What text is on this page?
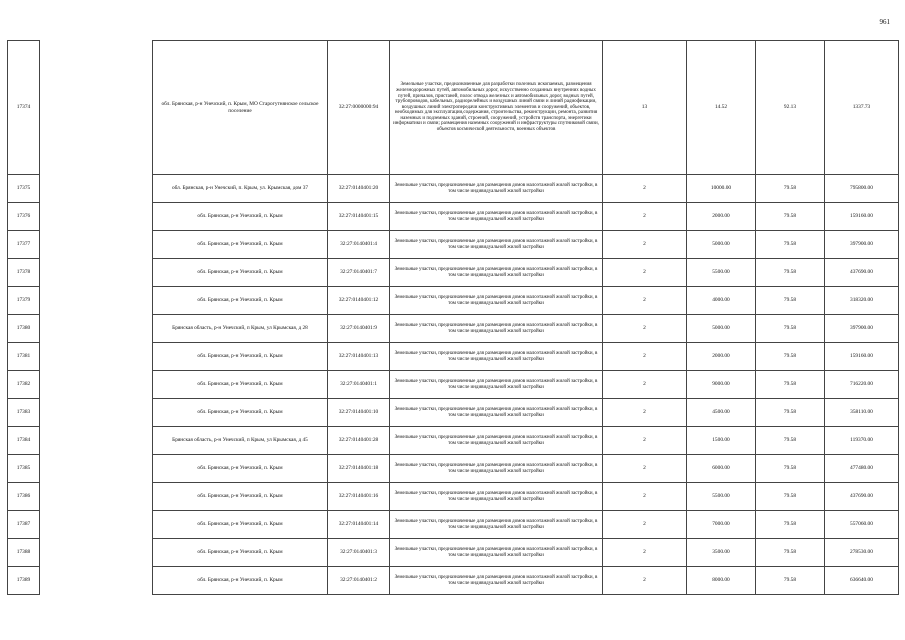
961
17374		обл. Брянская, р-н Унечский, п. Крым, МО Старогутнянское сельское поселение	32:27:0000000:94	Земельные участки, предназначенные для разработки полезных ископаемых, размещения железнодорожных путей, автомобильных дорог, искусственно созданных внутренних водных путей, причалов, пристаней, полос отвода железных и автомобильных дорог, водных путей, трубопроводов, кабельных, радиорелейных и воздушных линий связи и линий радиофикации, воздушных линий электропередачи конструктивных элементов и сооружений, объектов, необходимых для эксплуатации,содержания, строительства, реконструкции, ремонта, развития наземных и подземных зданий, строений, сооружений, устройств транспорта, энергетики информатики и связи; размещения наземных сооружений и инфраструктуры спутниковой связи, объектов космической деятельности, военных объектов	13	14.52	92.13	1337.73
17375		обл. Брянская, р-н Унечский, п. Крым, ул. Крымская, дом 37	32:27:0140401:20	Земельные участки, предназначенные для размещения домов малоэтажной жилой застройки, в том числе индивидуальной жилой застройки	2	10000.00	79.58	795800.00
17376		обл. Брянская, р-н Унечский, п. Крым	32:27:0140401:15	Земельные участки, предназначенные для размещения домов малоэтажной жилой застройки, в том числе индивидуальной жилой застройки	2	2000.00	79.58	159160.00
17377		обл. Брянская, р-н Унечский, п. Крым	32:27:0140401:4	Земельные участки, предназначенные для размещения домов малоэтажной жилой застройки, в том числе индивидуальной жилой застройки	2	5000.00	79.58	397900.00
17378		обл. Брянская, р-н Унечский, п. Крым	32:27:0140401:7	Земельные участки, предназначенные для размещения домов малоэтажной жилой застройки, в том числе индивидуальной жилой застройки	2	5500.00	79.58	437690.00
17379		обл. Брянская, р-н Унечский, п. Крым	32:27:0140401:12	Земельные участки, предназначенные для размещения домов малоэтажной жилой застройки, в том числе индивидуальной жилой застройки	2	4000.00	79.58	318320.00
17380		Брянская область, р-н Унечский, п Крым, ул Крымская, д 28	32:27:0140401:9	Земельные участки, предназначенные для размещения домов малоэтажной жилой застройки, в том числе индивидуальной жилой застройки	2	5000.00	79.58	397900.00
17381		обл. Брянская, р-н Унечский, п. Крым	32:27:0140401:13	Земельные участки, предназначенные для размещения домов малоэтажной жилой застройки, в том числе индивидуальной жилой застройки	2	2000.00	79.58	159160.00
17382		обл. Брянская, р-н Унечский, п. Крым	32:27:0140401:1	Земельные участки, предназначенные для размещения домов малоэтажной жилой застройки, в том числе индивидуальной жилой застройки	2	9000.00	79.58	716220.00
17383		обл. Брянская, р-н Унечский, п. Крым	32:27:0140401:10	Земельные участки, предназначенные для размещения домов малоэтажной жилой застройки, в том числе индивидуальной жилой застройки	2	4500.00	79.58	358110.00
17384		Брянская область, р-н Унечский, п Крым, ул Крымская, д 45	32:27:0140401:28	Земельные участки, предназначенные для размещения домов малоэтажной жилой застройки, в том числе индивидуальной жилой застройки	2	1500.00	79.58	119370.00
17385		обл. Брянская, р-н Унечский, п. Крым	32:27:0140401:18	Земельные участки, предназначенные для размещения домов малоэтажной жилой застройки, в том числе индивидуальной жилой застройки	2	6000.00	79.58	477480.00
17386		обл. Брянская, р-н Унечский, п. Крым	32:27:0140401:16	Земельные участки, предназначенные для размещения домов малоэтажной жилой застройки, в том числе индивидуальной жилой застройки	2	5500.00	79.58	437690.00
17387		обл. Брянская, р-н Унечский, п. Крым	32:27:0140401:14	Земельные участки, предназначенные для размещения домов малоэтажной жилой застройки, в том числе индивидуальной жилой застройки	2	7000.00	79.58	557060.00
17388		обл. Брянская, р-н Унечский, п. Крым	32:27:0140401:3	Земельные участки, предназначенные для размещения домов малоэтажной жилой застройки, в том числе индивидуальной жилой застройки	2	3500.00	79.58	278530.00
17389		обл. Брянская, р-н Унечский, п. Крым	32:27:0140401:2	Земельные участки, предназначенные для размещения домов малоэтажной жилой застройки, в том числе индивидуальной жилой застройки	2	8000.00	79.58	636640.00
